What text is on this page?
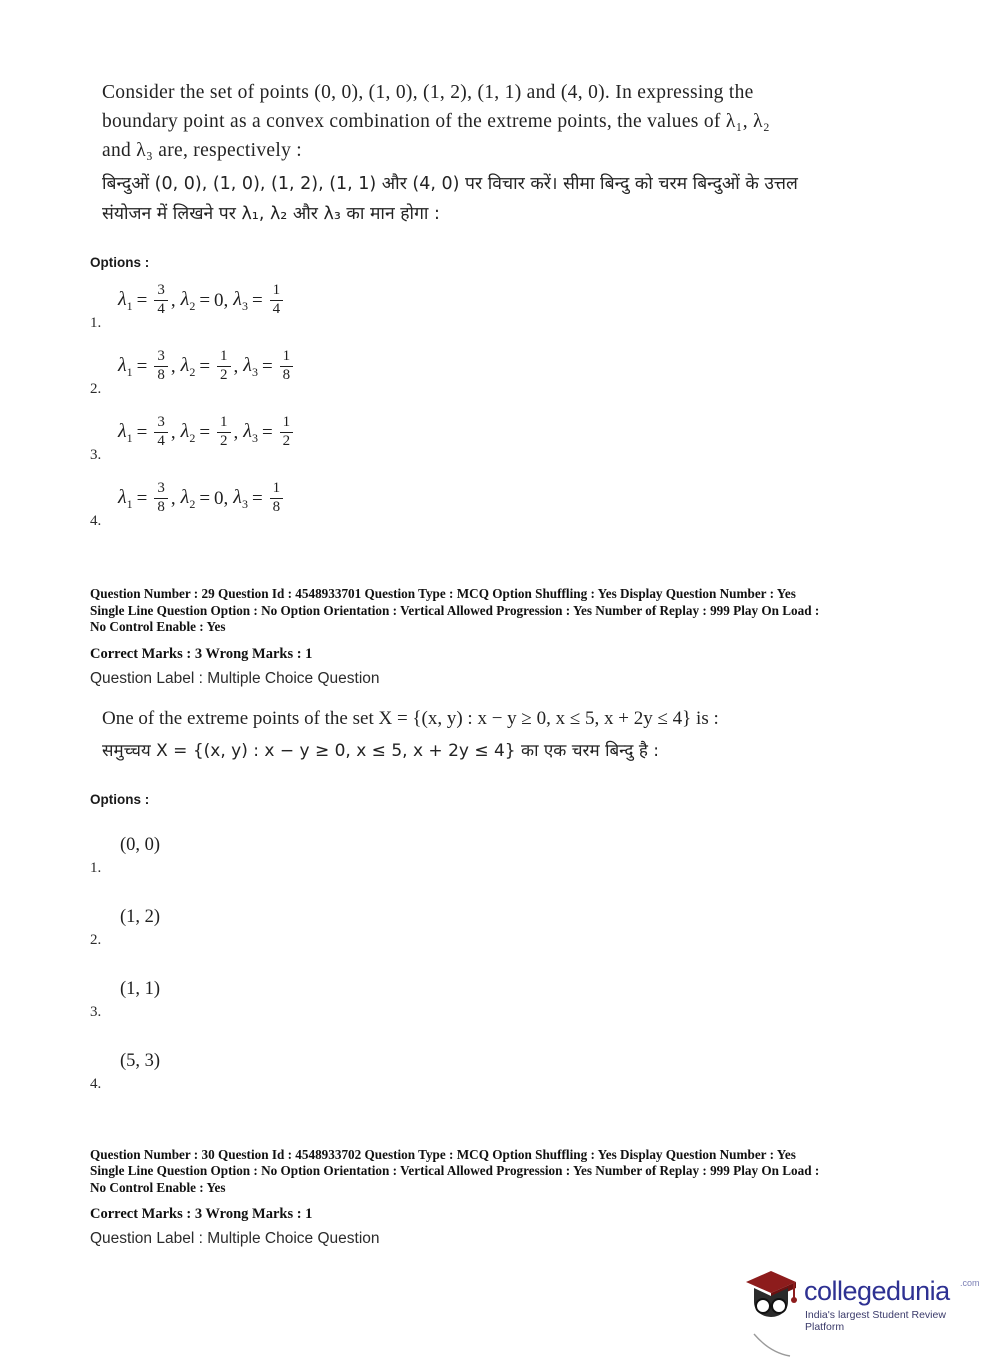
Consider the set of points (0, 0), (1, 0), (1, 2), (1, 1) and (4, 0). In expressing the boundary point as a convex combination of the extreme points, the values of λ₁, λ₂ and λ₃ are, respectively :

बिन्दुओं (0, 0), (1, 0), (1, 2), (1, 1) और (4, 0) पर विचार करें। सीमा बिन्दु को चरम बिन्दुओं के उत्तल संयोजन में लिखने पर λ₁, λ₂ और λ₃ का मान होगा :

Options :
1.
$\lambda_1 = \frac{3}{4}$ , $\lambda_2 = 0$ , $\lambda_3 = \frac{1}{4}$
2.
$\lambda_1 = \frac{3}{8}$ , $\lambda_2 = \frac{1}{2}$ , $\lambda_3 = \frac{1}{8}$
3.
$\lambda_1 = \frac{3}{4}$ , $\lambda_2 = \frac{1}{2}$ , $\lambda_3 = \frac{1}{2}$
4.
$\lambda_1 = \frac{3}{8}$ , $\lambda_2 = 0$ , $\lambda_3 = \frac{1}{8}$
Question Number : 29 Question Id : 4548933701 Question Type : MCQ Option Shuffling : Yes Display Question Number : Yes
Single Line Question Option : No Option Orientation : Vertical Allowed Progression : Yes Number of Replay : 999 Play On Load :
No Control Enable : Yes
Correct Marks : 3 Wrong Marks : 1
Question Label : Multiple Choice Question

One of the extreme points of the set X = {(x, y) : x − y ≥ 0, x ≤ 5, x + 2y ≤ 4} is :

समुच्चय X = {(x, y) : x − y ≥ 0, x ≤ 5, x + 2y ≤ 4} का एक चरम बिन्दु है :

Options :
1.
(0, 0)
2.
(1, 2)
3.
(1, 1)
4.
(5, 3)
Question Number : 30 Question Id : 4548933702 Question Type : MCQ Option Shuffling : Yes Display Question Number : Yes
Single Line Question Option : No Option Orientation : Vertical Allowed Progression : Yes Number of Replay : 999 Play On Load :
No Control Enable : Yes
Correct Marks : 3 Wrong Marks : 1
Question Label : Multiple Choice Question
collegedunia .com
India's largest Student Review Platform
